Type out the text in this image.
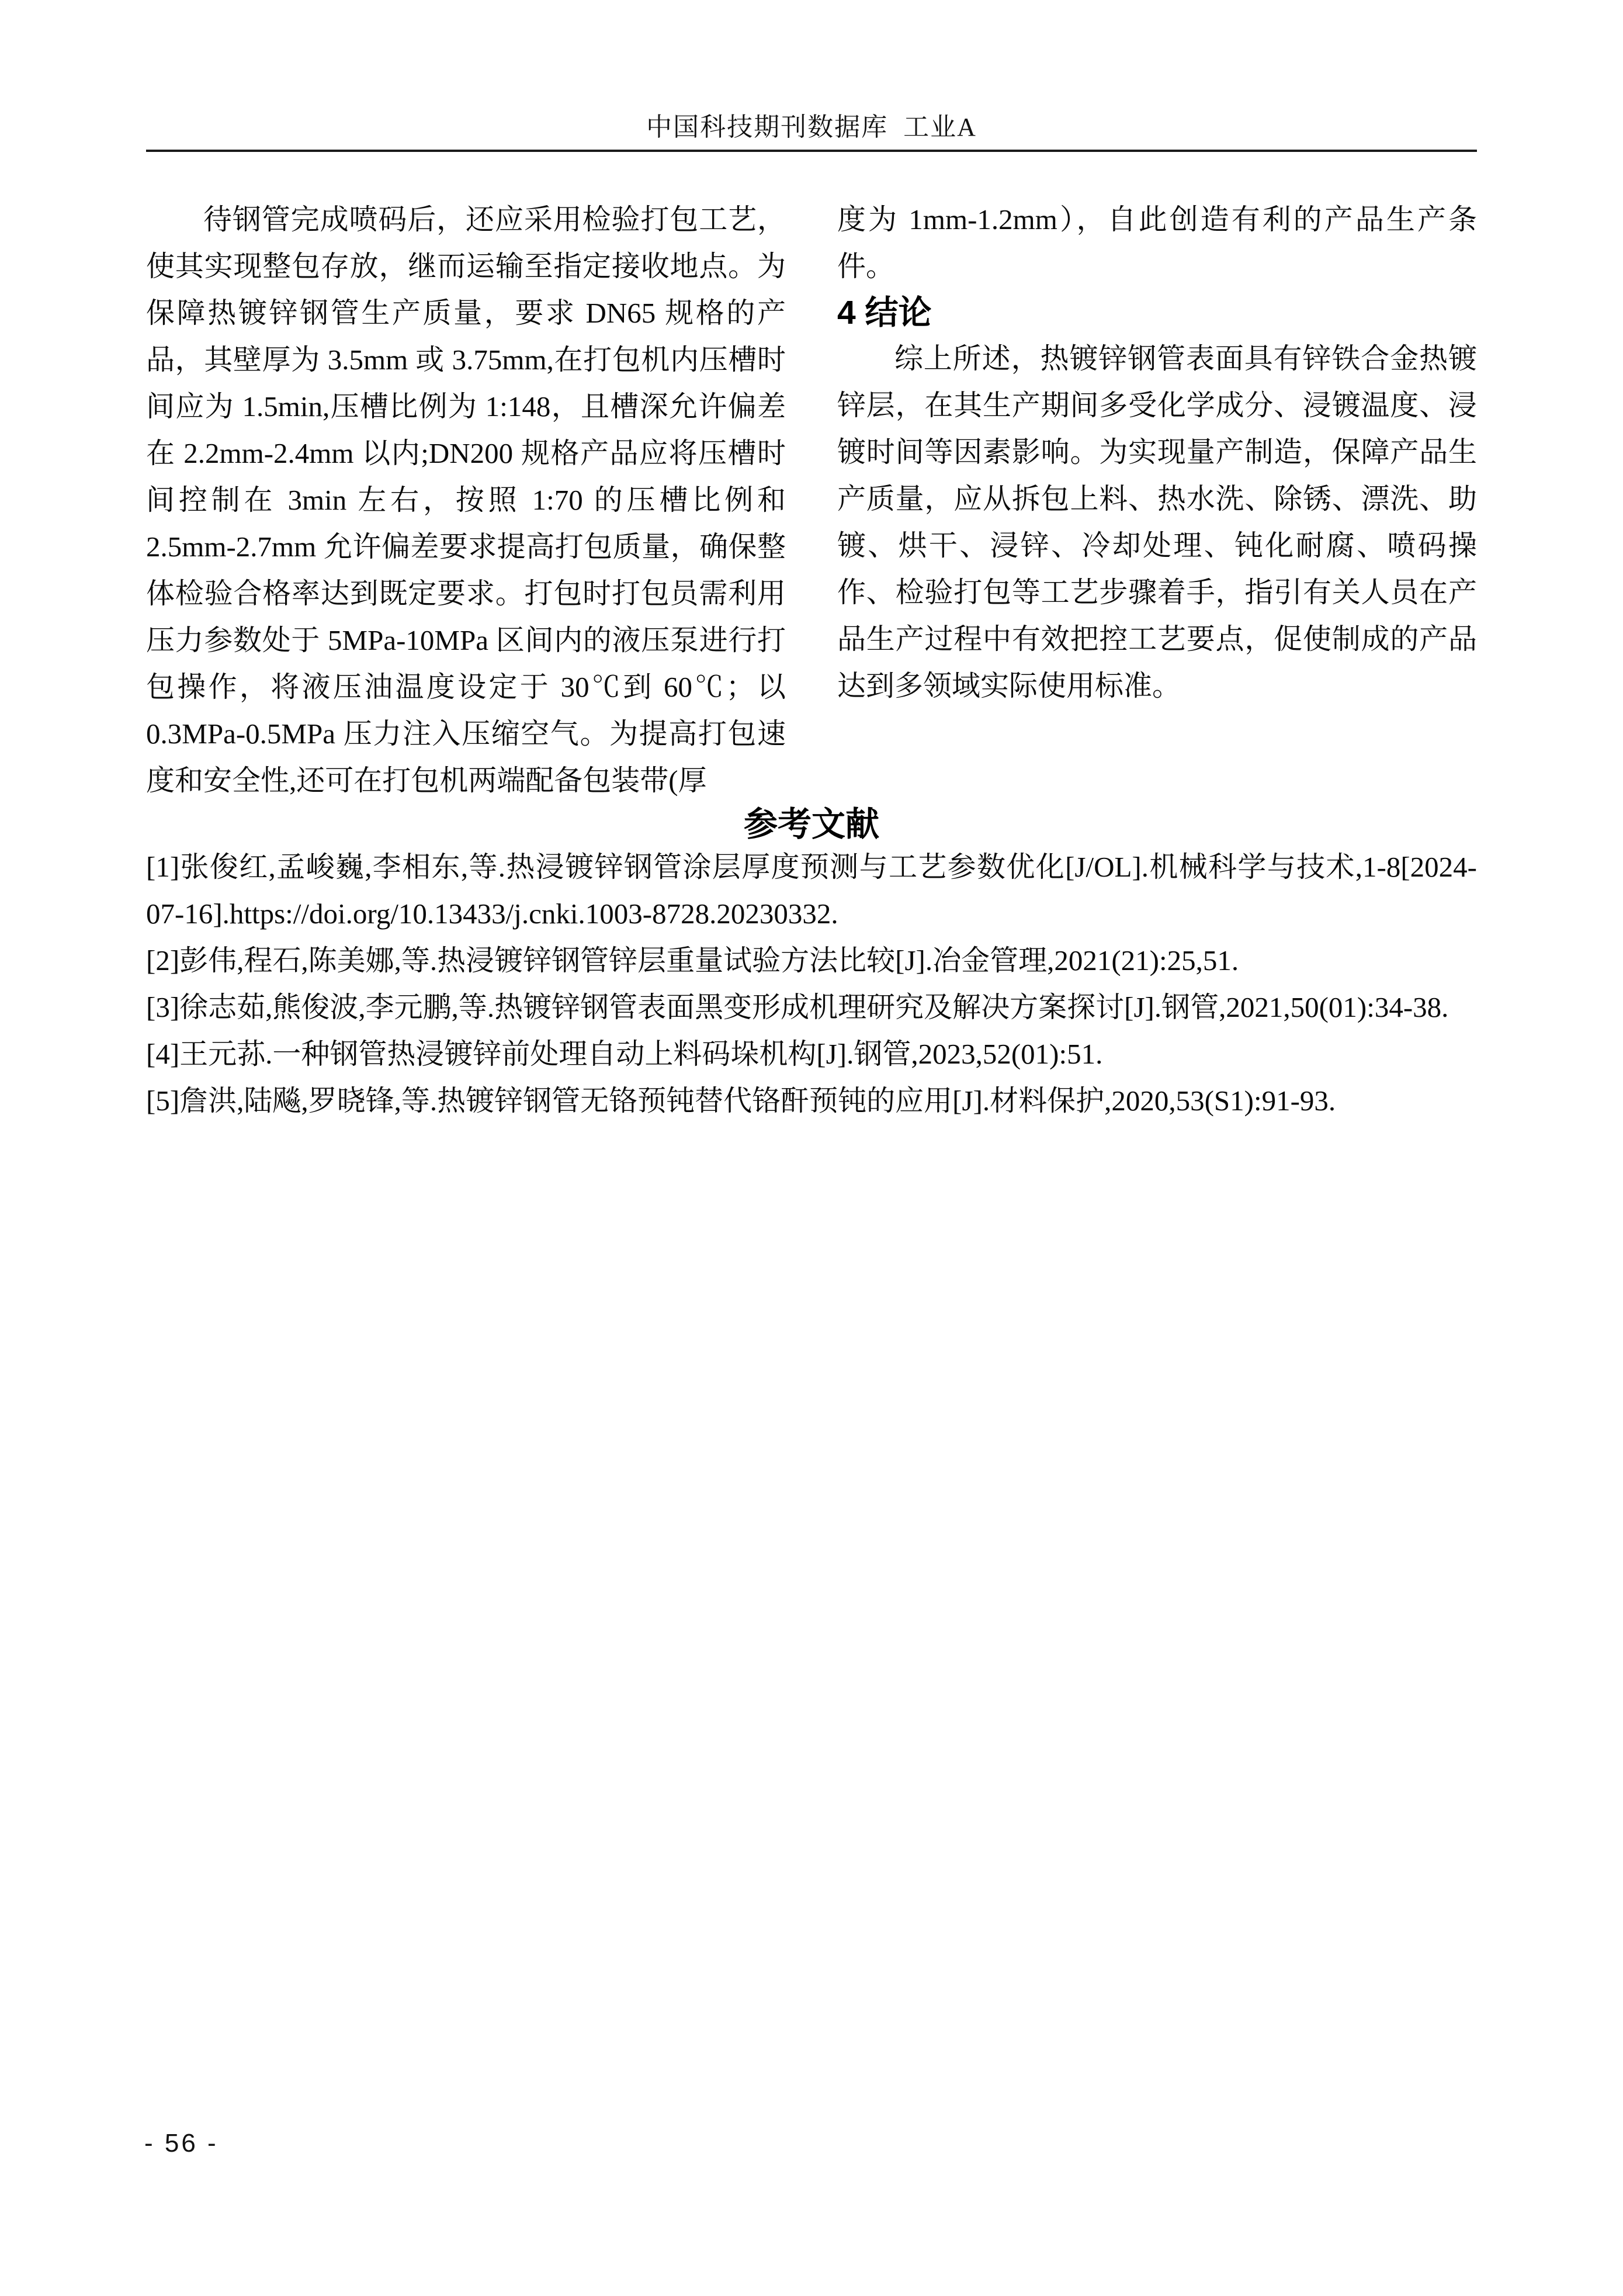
中国科技期刊数据库  工业A

待钢管完成喷码后，还应采用检验打包工艺，使其实现整包存放，继而运输至指定接收地点。为保障热镀锌钢管生产质量，要求 DN65 规格的产品，其壁厚为 3.5mm 或 3.75mm,在打包机内压槽时间应为 1.5min,压槽比例为 1:148，且槽深允许偏差在 2.2mm-2.4mm 以内;DN200 规格产品应将压槽时间控制在 3min 左右，按照 1:70 的压槽比例和 2.5mm-2.7mm 允许偏差要求提高打包质量，确保整体检验合格率达到既定要求。打包时打包员需利用压力参数处于 5MPa-10MPa 区间内的液压泵进行打包操作，将液压油温度设定于 30℃到 60℃；以 0.3MPa-0.5MPa 压力注入压缩空气。为提高打包速度和安全性,还可在打包机两端配备包装带(厚

度为 1mm-1.2mm），自此创造有利的产品生产条件。

4 结论

综上所述，热镀锌钢管表面具有锌铁合金热镀锌层，在其生产期间多受化学成分、浸镀温度、浸镀时间等因素影响。为实现量产制造，保障产品生产质量，应从拆包上料、热水洗、除锈、漂洗、助镀、烘干、浸锌、冷却处理、钝化耐腐、喷码操作、检验打包等工艺步骤着手，指引有关人员在产品生产过程中有效把控工艺要点，促使制成的产品达到多领域实际使用标准。

参考文献

[1]张俊红,孟峻巍,李相东,等.热浸镀锌钢管涂层厚度预测与工艺参数优化[J/OL].机械科学与技术,1-8[2024-07-16].https://doi.org/10.13433/j.cnki.1003-8728.20230332.

[2]彭伟,程石,陈美娜,等.热浸镀锌钢管锌层重量试验方法比较[J].冶金管理,2021(21):25,51.

[3]徐志茹,熊俊波,李元鹏,等.热镀锌钢管表面黑变形成机理研究及解决方案探讨[J].钢管,2021,50(01):34-38.

[4]王元荪.一种钢管热浸镀锌前处理自动上料码垛机构[J].钢管,2023,52(01):51.

[5]詹洪,陆飚,罗晓锋,等.热镀锌钢管无铬预钝替代铬酐预钝的应用[J].材料保护,2020,53(S1):91-93.

- 56 -
